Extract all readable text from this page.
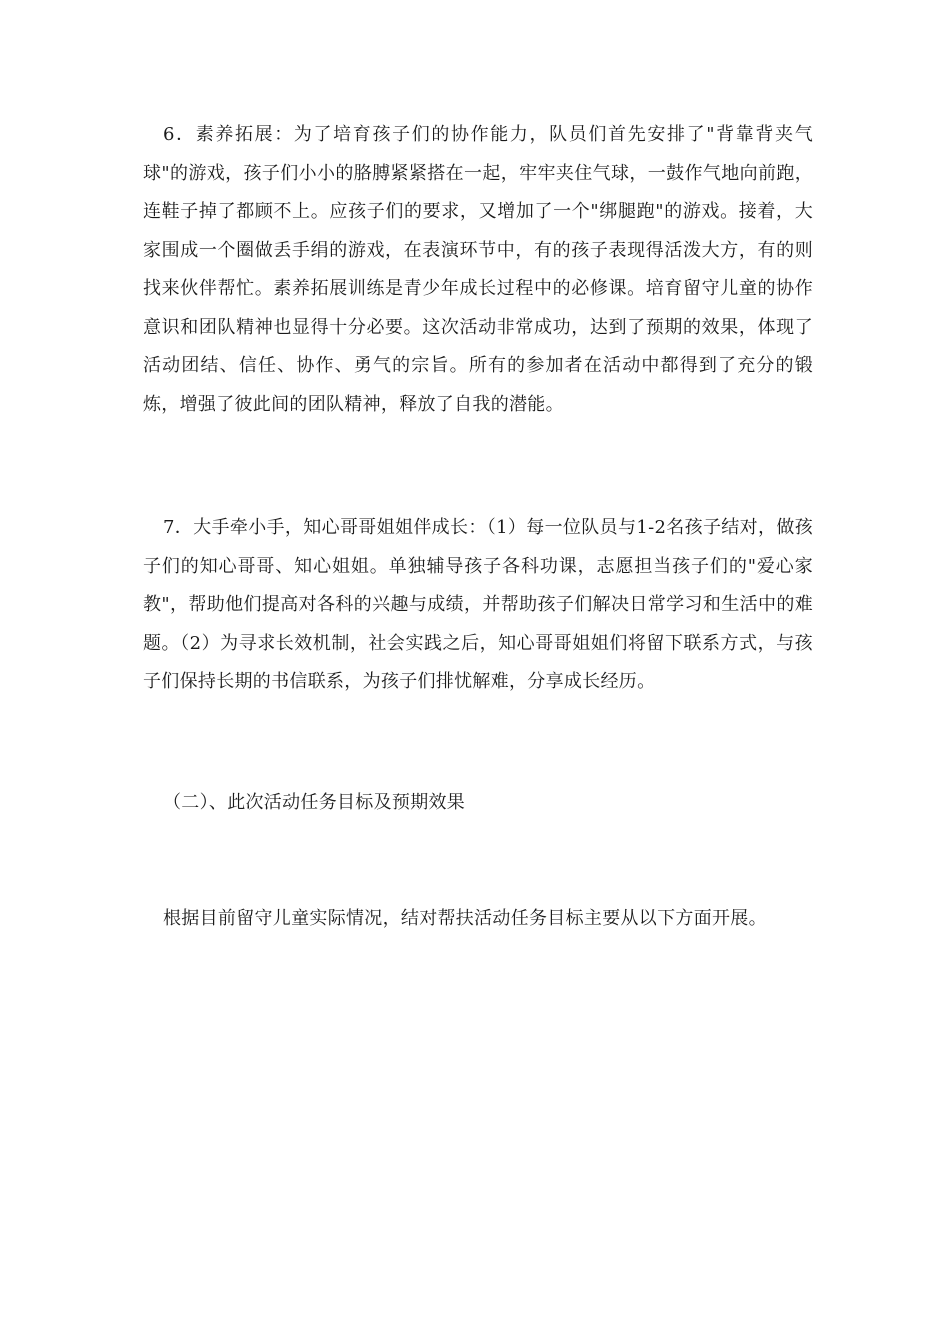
6．素养拓展：为了培育孩子们的协作能力，队员们首先安排了"背靠背夹气球"的游戏，孩子们小小的胳膊紧紧搭在一起，牢牢夹住气球，一鼓作气地向前跑，连鞋子掉了都顾不上。应孩子们的要求，又增加了一个"绑腿跑"的游戏。接着，大家围成一个圈做丢手绢的游戏，在表演环节中，有的孩子表现得活泼大方，有的则找来伙伴帮忙。素养拓展训练是青少年成长过程中的必修课。培育留守儿童的协作意识和团队精神也显得十分必要。这次活动非常成功，达到了预期的效果，体现了活动团结、信任、协作、勇气的宗旨。所有的参加者在活动中都得到了充分的锻炼，增强了彼此间的团队精神，释放了自我的潜能。

7．大手牵小手，知心哥哥姐姐伴成长：（1）每一位队员与1-2名孩子结对，做孩子们的知心哥哥、知心姐姐。单独辅导孩子各科功课，志愿担当孩子们的"爱心家教"，帮助他们提高对各科的兴趣与成绩，并帮助孩子们解决日常学习和生活中的难题。（2）为寻求长效机制，社会实践之后，知心哥哥姐姐们将留下联系方式，与孩子们保持长期的书信联系，为孩子们排忧解难，分享成长经历。

（二）、此次活动任务目标及预期效果

根据目前留守儿童实际情况，结对帮扶活动任务目标主要从以下方面开展。
